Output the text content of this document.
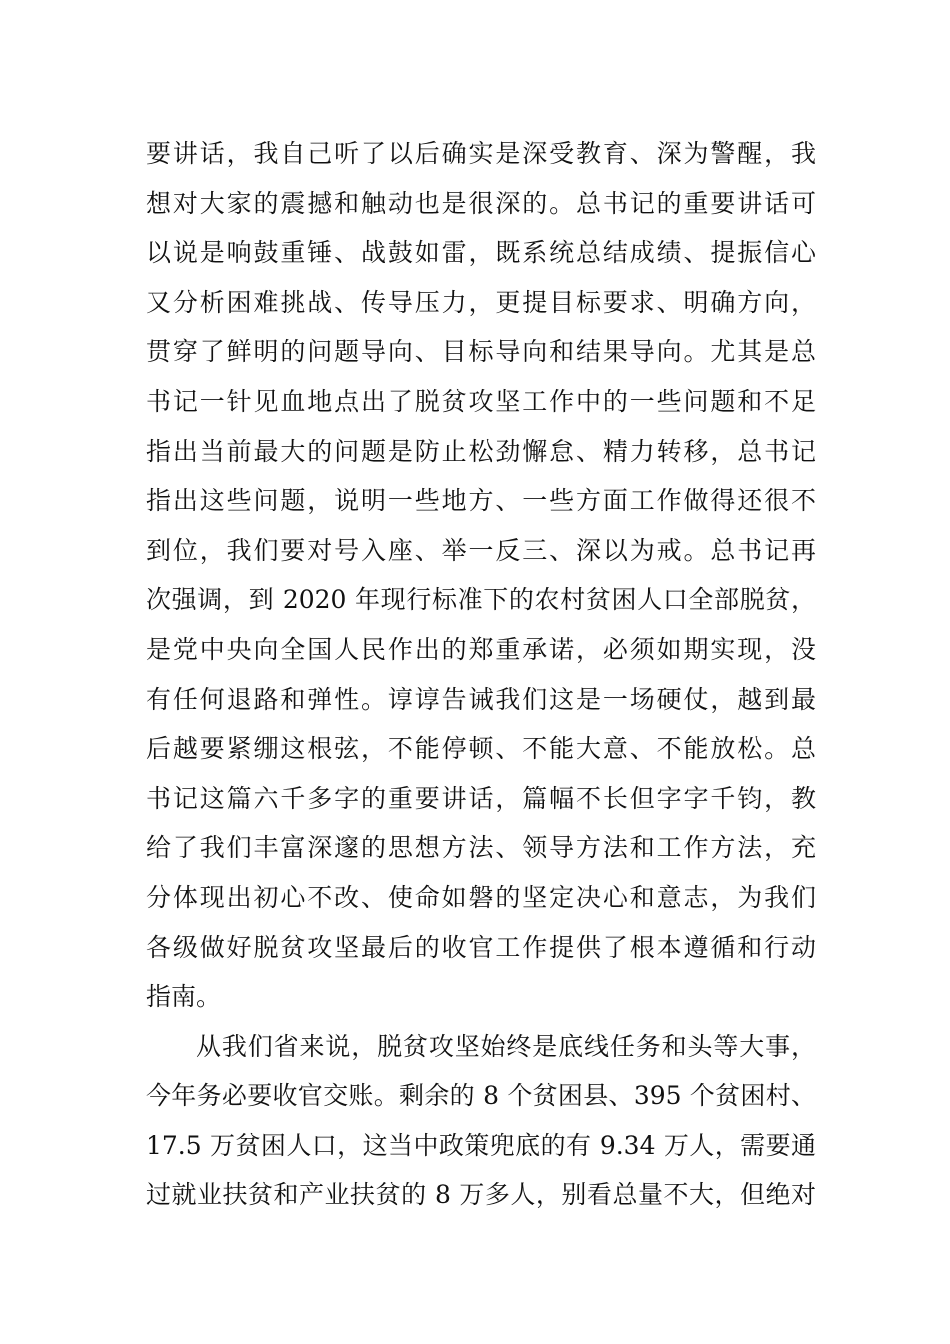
要讲话，我自己听了以后确实是深受教育、深为警醒，我
想对大家的震撼和触动也是很深的。总书记的重要讲话可
以说是响鼓重锤、战鼓如雷，既系统总结成绩、提振信心
又分析困难挑战、传导压力，更提目标要求、明确方向，
贯穿了鲜明的问题导向、目标导向和结果导向。尤其是总
书记一针见血地点出了脱贫攻坚工作中的一些问题和不足
指出当前最大的问题是防止松劲懈怠、精力转移，总书记
指出这些问题，说明一些地方、一些方面工作做得还很不
到位，我们要对号入座、举一反三、深以为戒。总书记再
次强调，到 2020 年现行标准下的农村贫困人口全部脱贫，
是党中央向全国人民作出的郑重承诺，必须如期实现，没
有任何退路和弹性。谆谆告诫我们这是一场硬仗，越到最
后越要紧绷这根弦，不能停顿、不能大意、不能放松。总
书记这篇六千多字的重要讲话，篇幅不长但字字千钧，教
给了我们丰富深邃的思想方法、领导方法和工作方法，充
分体现出初心不改、使命如磐的坚定决心和意志，为我们
各级做好脱贫攻坚最后的收官工作提供了根本遵循和行动
指南。
从我们省来说，脱贫攻坚始终是底线任务和头等大事，
今年务必要收官交账。剩余的 8 个贫困县、395 个贫困村、
17.5 万贫困人口，这当中政策兜底的有 9.34 万人，需要通
过就业扶贫和产业扶贫的 8 万多人，别看总量不大，但绝对
